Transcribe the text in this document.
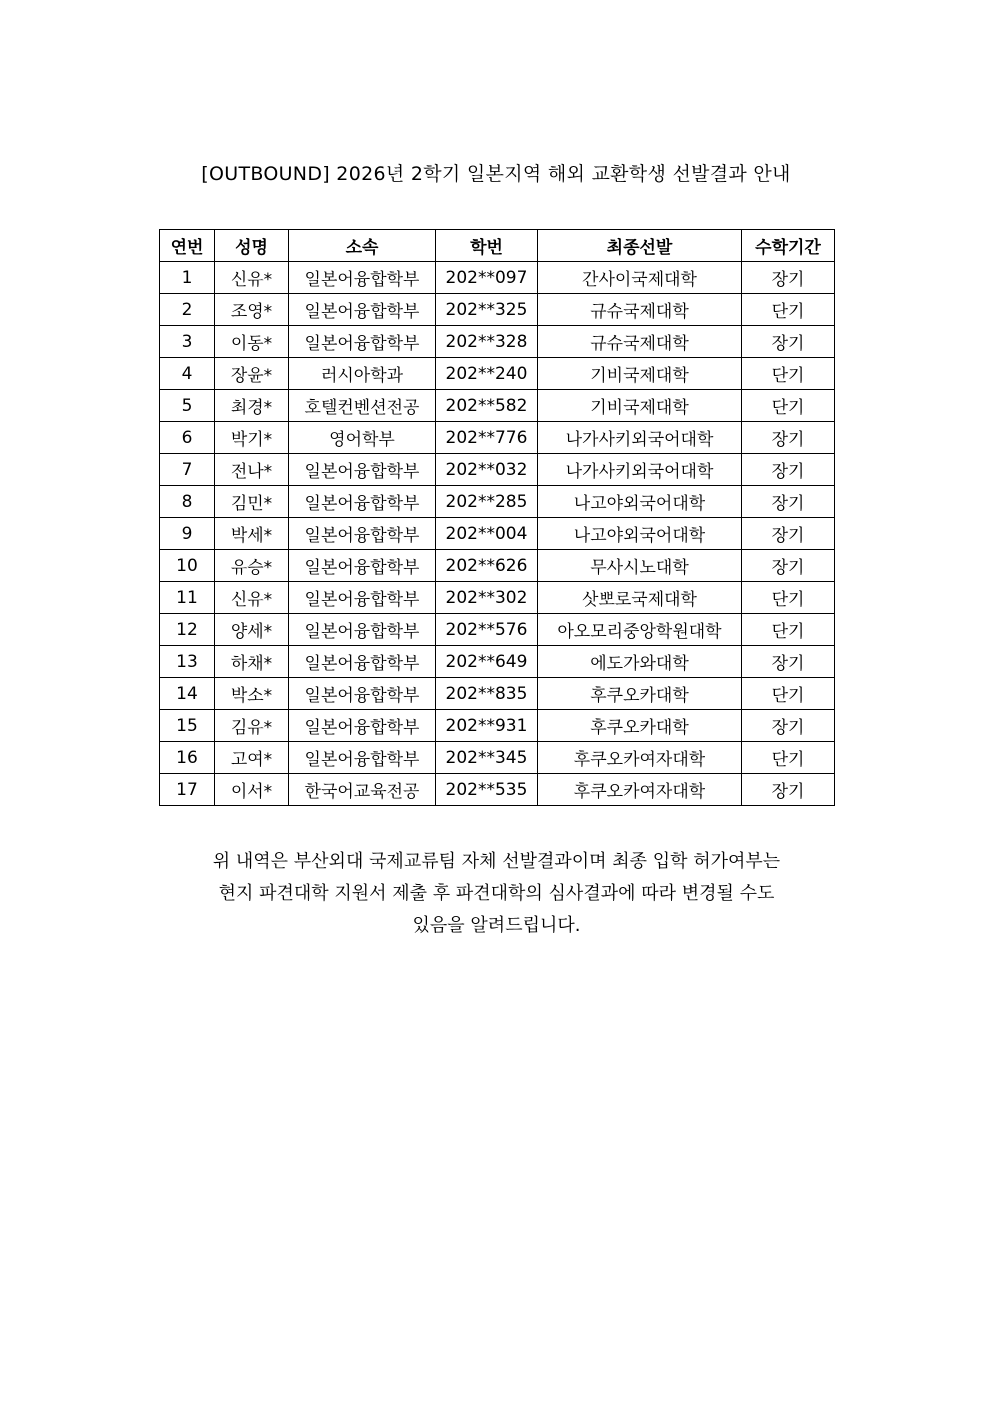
[OUTBOUND] 2026년 2학기 일본지역 해외 교환학생 선발결과 안내
연번	성명	소속	학번	최종선발	수학기간
1	신유*	일본어융합학부	202**097	간사이국제대학	장기
2	조영*	일본어융합학부	202**325	규슈국제대학	단기
3	이동*	일본어융합학부	202**328	규슈국제대학	장기
4	장윤*	러시아학과	202**240	기비국제대학	단기
5	최경*	호텔컨벤션전공	202**582	기비국제대학	단기
6	박기*	영어학부	202**776	나가사키외국어대학	장기
7	전나*	일본어융합학부	202**032	나가사키외국어대학	장기
8	김민*	일본어융합학부	202**285	나고야외국어대학	장기
9	박세*	일본어융합학부	202**004	나고야외국어대학	장기
10	유승*	일본어융합학부	202**626	무사시노대학	장기
11	신유*	일본어융합학부	202**302	삿뽀로국제대학	단기
12	양세*	일본어융합학부	202**576	아오모리중앙학원대학	단기
13	하채*	일본어융합학부	202**649	에도가와대학	장기
14	박소*	일본어융합학부	202**835	후쿠오카대학	단기
15	김유*	일본어융합학부	202**931	후쿠오카대학	장기
16	고여*	일본어융합학부	202**345	후쿠오카여자대학	단기
17	이서*	한국어교육전공	202**535	후쿠오카여자대학	장기

위 내역은 부산외대 국제교류팀 자체 선발결과이며 최종 입학 허가여부는

현지 파견대학 지원서 제출 후 파견대학의 심사결과에 따라 변경될 수도

있음을 알려드립니다.
